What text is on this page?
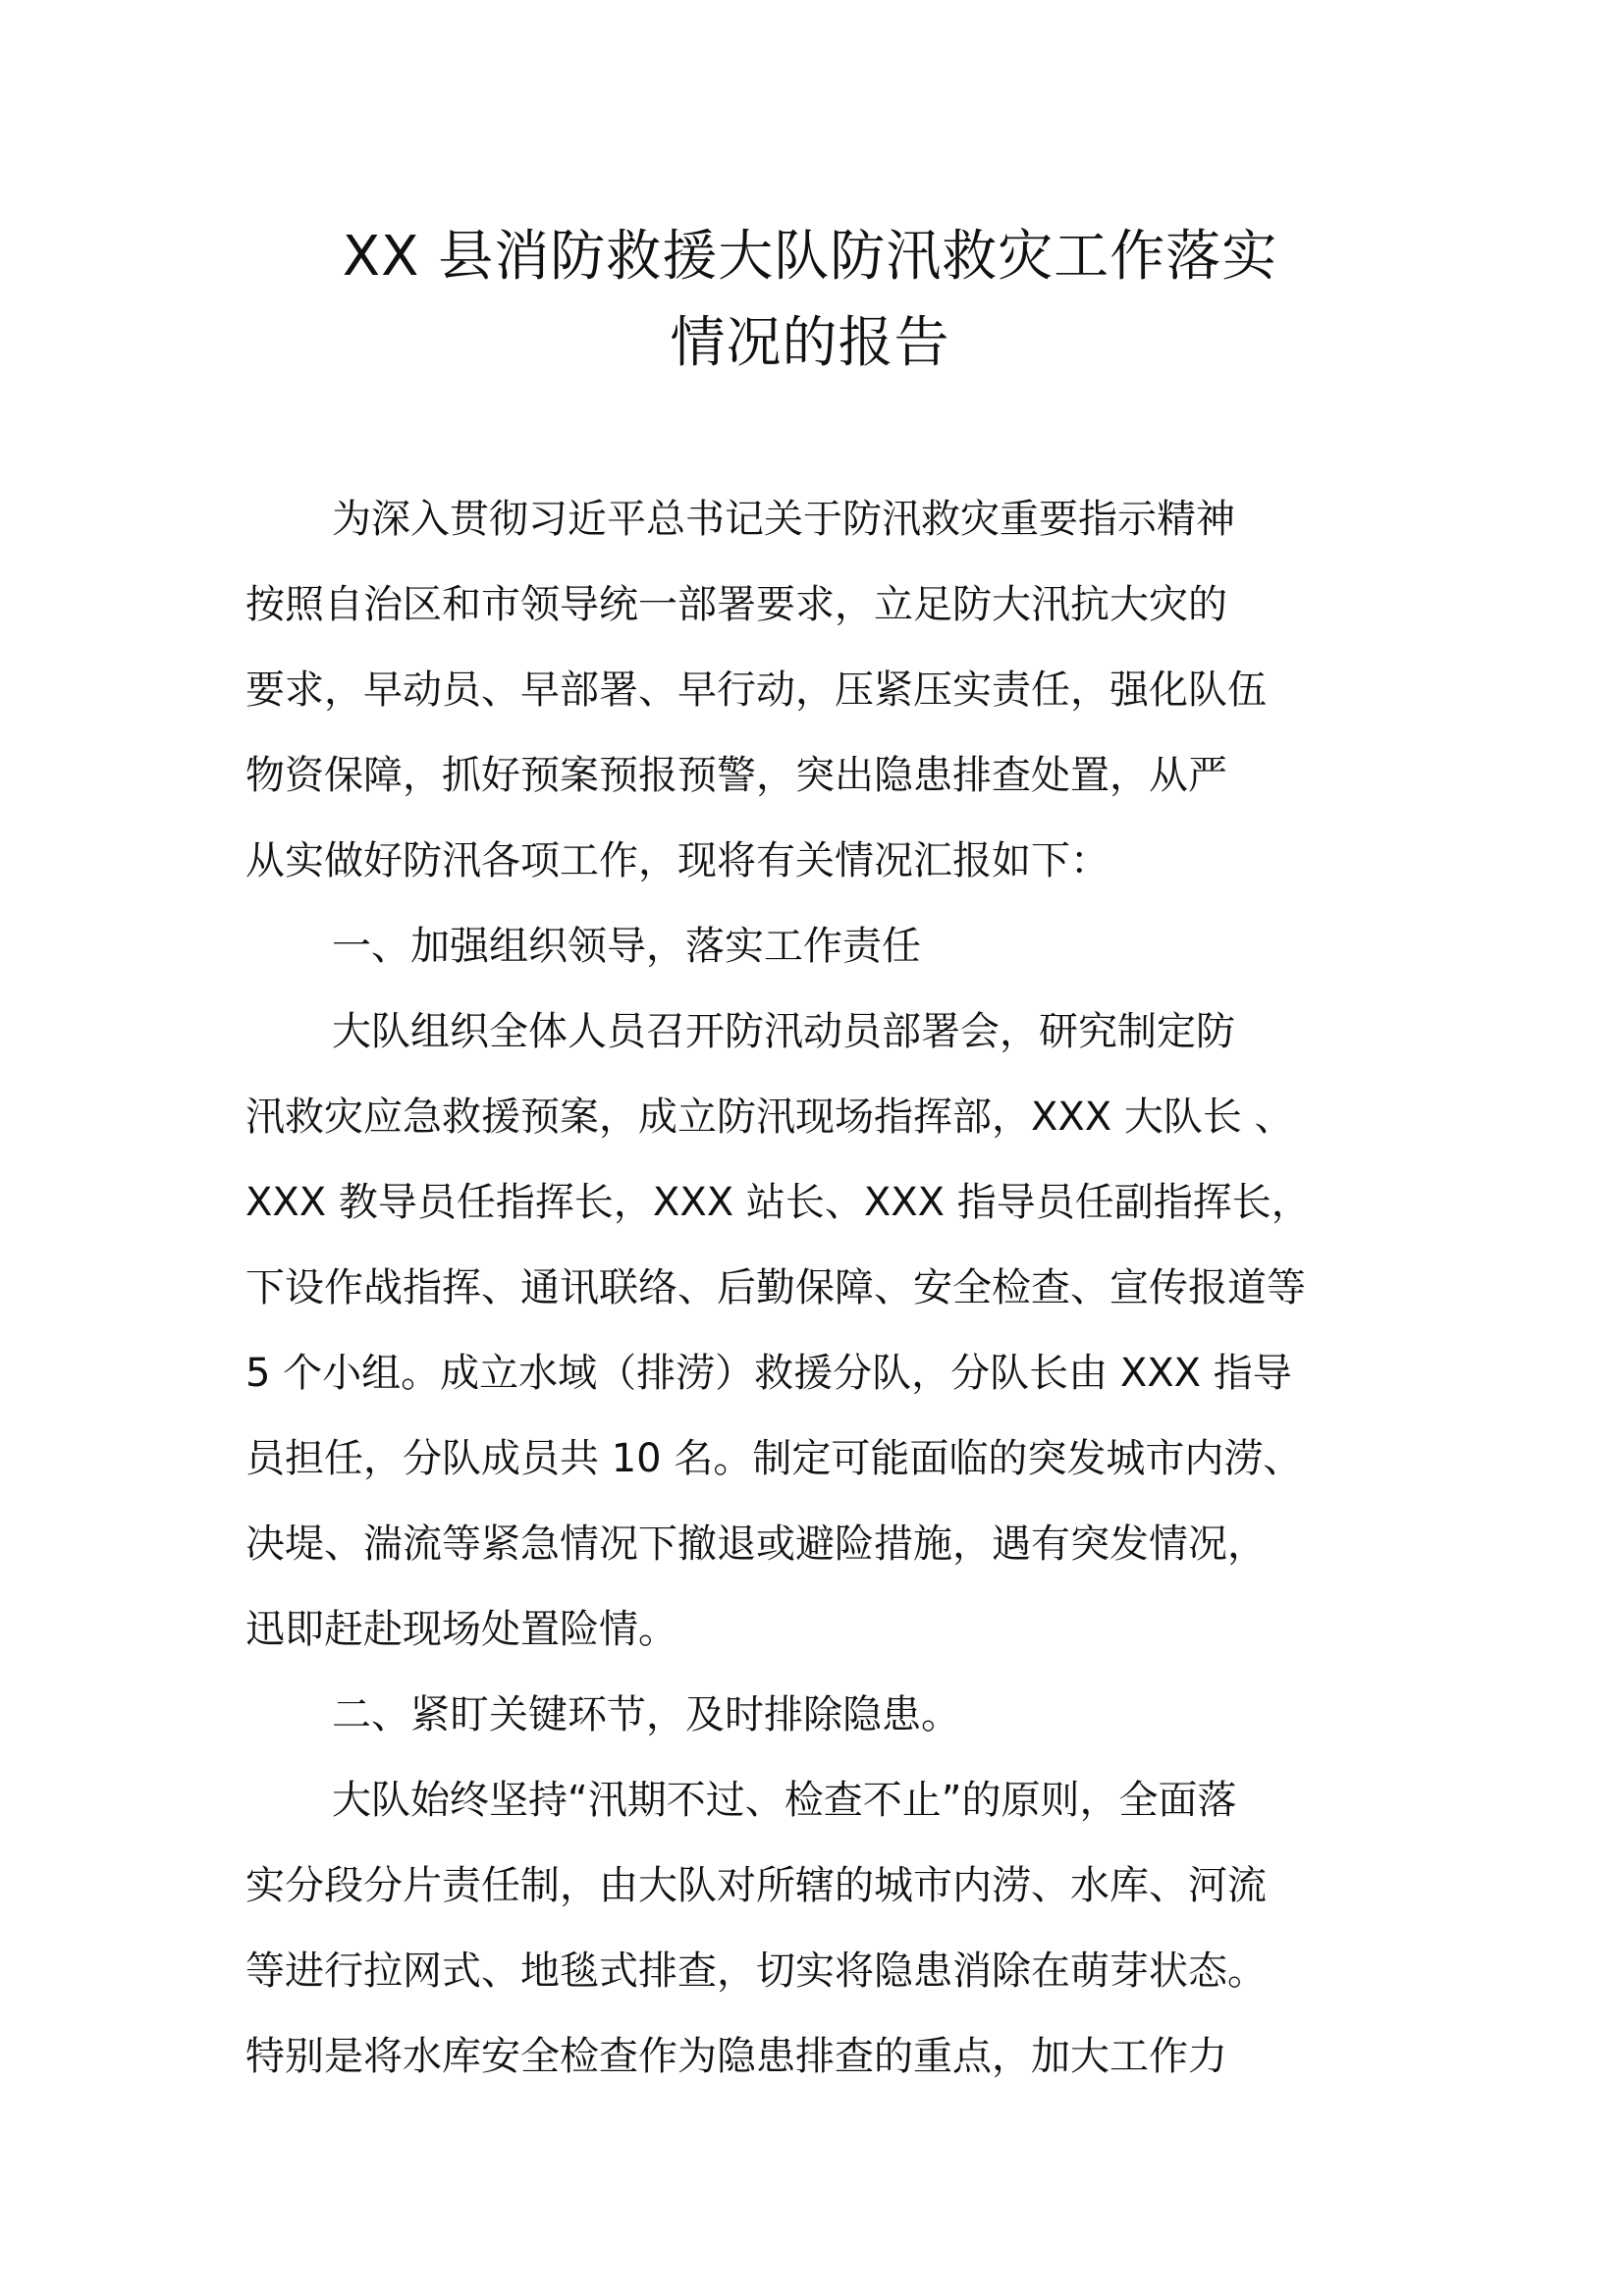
XX 县消防救援大队防汛救灾工作落实
情况的报告
为深入贯彻习近平总书记关于防汛救灾重要指示精神
按照自治区和市领导统一部署要求，立足防大汛抗大灾的
要求，早动员、早部署、早行动，压紧压实责任，强化队伍
物资保障，抓好预案预报预警，突出隐患排查处置，从严
从实做好防汛各项工作，现将有关情况汇报如下：
一、加强组织领导，落实工作责任
大队组织全体人员召开防汛动员部署会，研究制定防
汛救灾应急救援预案，成立防汛现场指挥部，XXX 大队长 、
XXX 教导员任指挥长，XXX 站长、XXX 指导员任副指挥长，
下设作战指挥、通讯联络、后勤保障、安全检查、宣传报道等
5 个小组。成立水域（排涝）救援分队，分队长由 XXX 指导
员担任，分队成员共 10 名。制定可能面临的突发城市内涝、
决堤、湍流等紧急情况下撤退或避险措施，遇有突发情况，
迅即赶赴现场处置险情。
二、紧盯关键环节，及时排除隐患。
大队始终坚持“汛期不过、检查不止”的原则，全面落
实分段分片责任制，由大队对所辖的城市内涝、水库、河流
等进行拉网式、地毯式排查，切实将隐患消除在萌芽状态。
特别是将水库安全检查作为隐患排查的重点，加大工作力
